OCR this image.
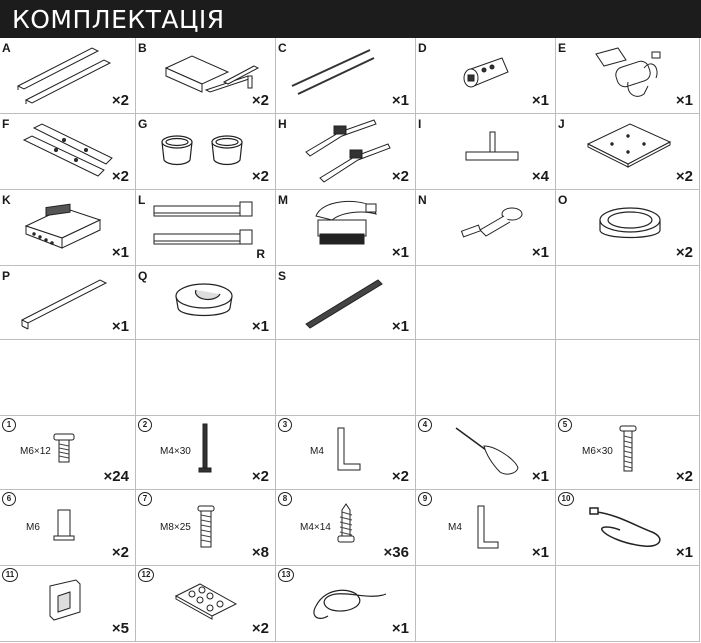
КОМПЛЕКТАЦІЯ
A
×2
B
×2
C
×1
D
×1
E
×1
F
×2
G
×2
H
×2
I
×4
J
×2
K
×1
L
R
M
×1
N
×1
O
×2
P
×1
Q
×1
S
×1
1
M6×12
×24
2
M4×30
×2
3
M4
×2
4
×1
5
M6×30
×2
6
M6
×2
7
M8×25
×8
8
M4×14
×36
9
M4
×1
10
×1
11
×5
12
×2
13
×1
